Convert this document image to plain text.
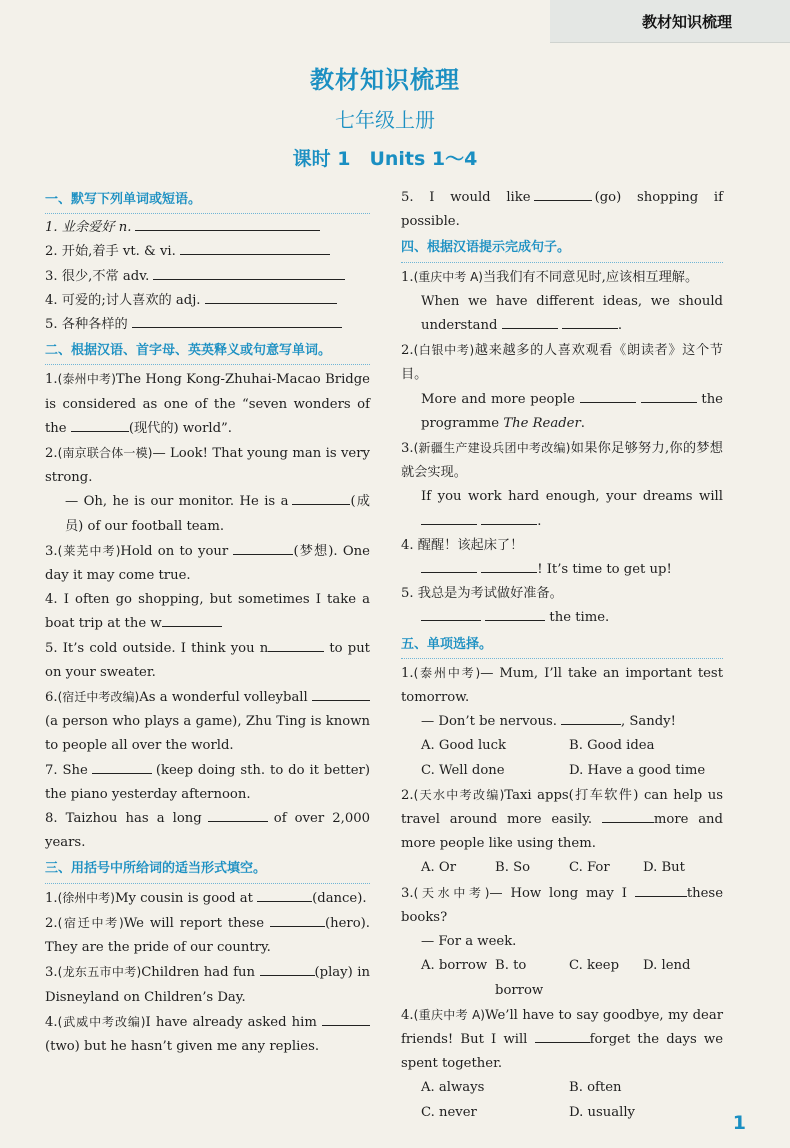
教材知识梳理
教材知识梳理
七年级上册
课时 1　Units 1～4
一、默写下列单词或短语。
1. 业余爱好 n.
2. 开始,着手 vt. & vi.
3. 很少,不常 adv.
4. 可爱的;讨人喜欢的 adj.
5. 各种各样的
二、根据汉语、首字母、英英释义或句意写单词。
1.(泰州中考)The Hong Kong-Zhuhai-Macao Bridge is considered as one of the “seven wonders of the	(现代的) world”.
2.(南京联合体一模)— Look! That young man is very strong.
— Oh, he is our monitor. He is a	(成员) of our football team.
3.(莱芜中考)Hold on to your	(梦想). One day it may come true.
4. I often go shopping, but sometimes I take a boat trip at the w
5. It’s cold outside. I think you n	to put on your sweater.
6.(宿迁中考改编)As a wonderful volleyball (a person who plays a game), Zhu Ting is known to people all over the world.
7. She	(keep doing sth. to do it better) the piano yesterday afternoon.
8. Taizhou has a long	of over 2,000 years.
三、用括号中所给词的适当形式填空。
1.(徐州中考)My cousin is good at	(dance).
2.(宿迁中考)We will report these	(hero). They are the pride of our country.
3.(龙东五市中考)Children had fun	(play) in Disneyland on Children’s Day.
4.(武威中考改编)I have already asked him (two) but he hasn’t given me any replies.
5. I would like	(go) shopping if possible.
四、根据汉语提示完成句子。
1.(重庆中考 A)当我们有不同意见时,应该相互理解。
When we have different ideas, we should understand	.
2.(白银中考)越来越多的人喜欢观看《朗读者》这个节目。
More and more people	the programme The Reader.
3.(新疆生产建设兵团中考改编)如果你足够努力,你的梦想就会实现。
If you work hard enough, your dreams will  .
4. 醒醒！该起床了！
! It’s time to get up!
5. 我总是为考试做好准备。
the time.
五、单项选择。
1.(泰州中考)— Mum, I’ll take an important test tomorrow.
— Don’t be nervous.	, Sandy!
A. Good luck	B. Good idea
C. Well done	D. Have a good time
2.(天水中考改编)Taxi apps(打车软件) can help us travel around more easily.	more and more people like using them.
A. Or	B. So	C. For	D. But
3.(天水中考)— How long may I	these books?
— For a week.
A. borrow B. to borrow
C. keep	D. lend
4.(重庆中考 A)We’ll have to say goodbye, my dear friends! But I will	forget the days we spent together.
A. always	B. often
C. never	D. usually	1
